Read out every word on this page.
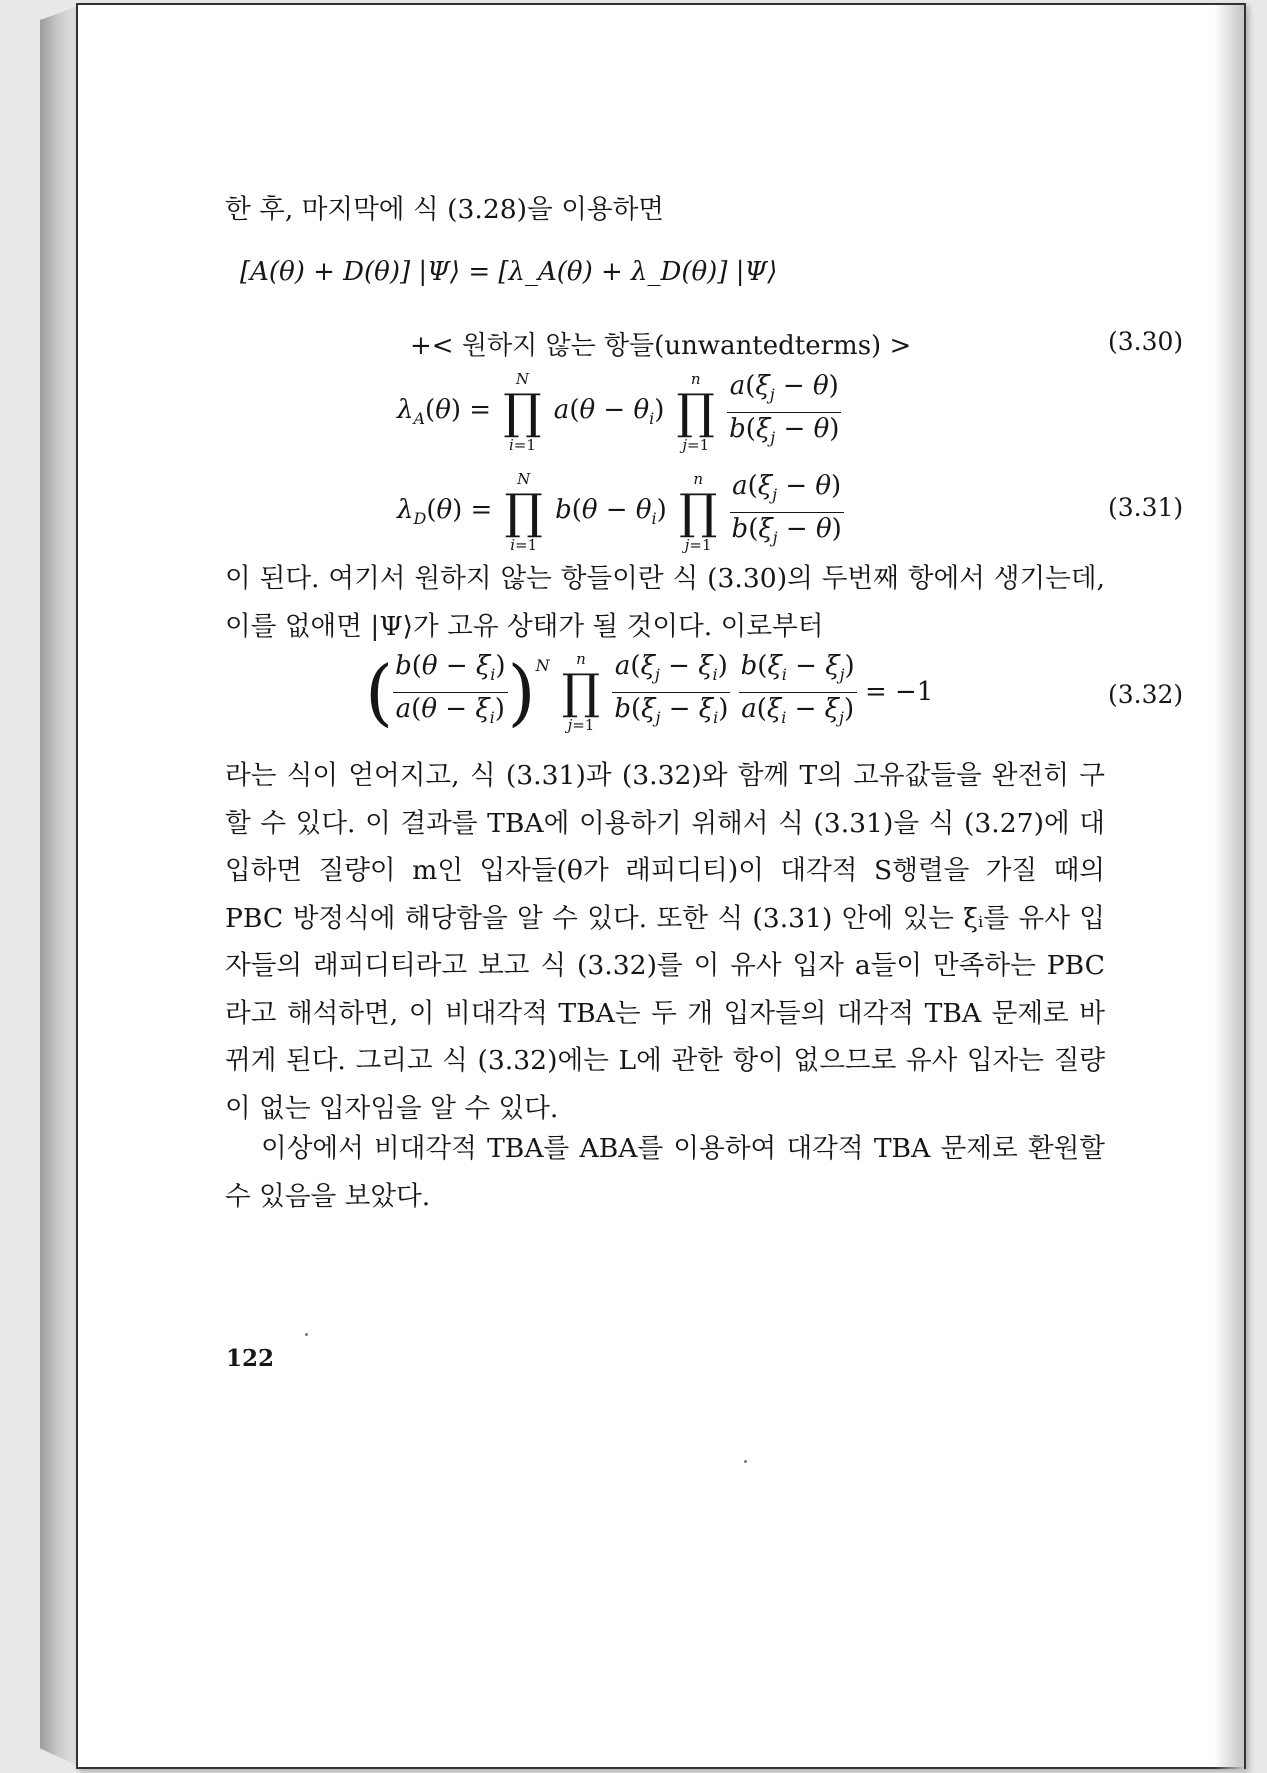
한 후, 마지막에 식 (3.28)을 이용하면

[A(θ) + D(θ)] |Ψ⟩ = [λ_A(θ) + λ_D(θ)] |Ψ⟩
+< 원하지 않는 항들(unwantedterms) >	(3.30)
$\lambda_A(\theta)$ =
N
∏
i=1
$a(\theta - \theta_i)$
n
∏
j=1
$\frac{a(\xi_j - \theta)}{b(\xi_j - \theta)}$
$\lambda_D(\theta)$ =
N
∏
i=1
$b(\theta - \theta_i)$
n
∏
j=1
$\frac{a(\xi_j - \theta)}{b(\xi_j - \theta)}$	(3.31)

이 된다. 여기서 원하지 않는 항들이란 식 (3.30)의 두번째 항에서 생기는데, 이를 없애면 |Ψ⟩가 고유 상태가 될 것이다. 이로부터

( $\frac{b(\theta - \xi_i)}{a(\theta - \xi_i)} )^N$	n
∏
j=1
$\frac{a(\xi_j - \xi_i)}{b(\xi_j - \xi_i)}$
$\frac{b(\xi_i - \xi_j)}{a(\xi_i - \xi_j)} = -1$	(3.32)

라는 식이 얻어지고, 식 (3.31)과 (3.32)와 함께 T의 고유값들을 완전히 구할 수 있다. 이 결과를 TBA에 이용하기 위해서 식 (3.31)을 식 (3.27)에 대입하면 질량이 m인 입자들(θ가 래피디티)이 대각적 S행렬을 가질 때의 PBC 방정식에 해당함을 알 수 있다. 또한 식 (3.31) 안에 있는 ξᵢ를 유사 입자들의 래피디티라고 보고 식 (3.32)를 이 유사 입자 a들이 만족하는 PBC라고 해석하면, 이 비대각적 TBA는 두 개 입자들의 대각적 TBA 문제로 바뀌게 된다. 그리고 식 (3.32)에는 L에 관한 항이 없으므로 유사 입자는 질량이 없는 입자임을 알 수 있다.

이상에서 비대각적 TBA를 ABA를 이용하여 대각적 TBA 문제로 환원할 수 있음을 보았다.

122
